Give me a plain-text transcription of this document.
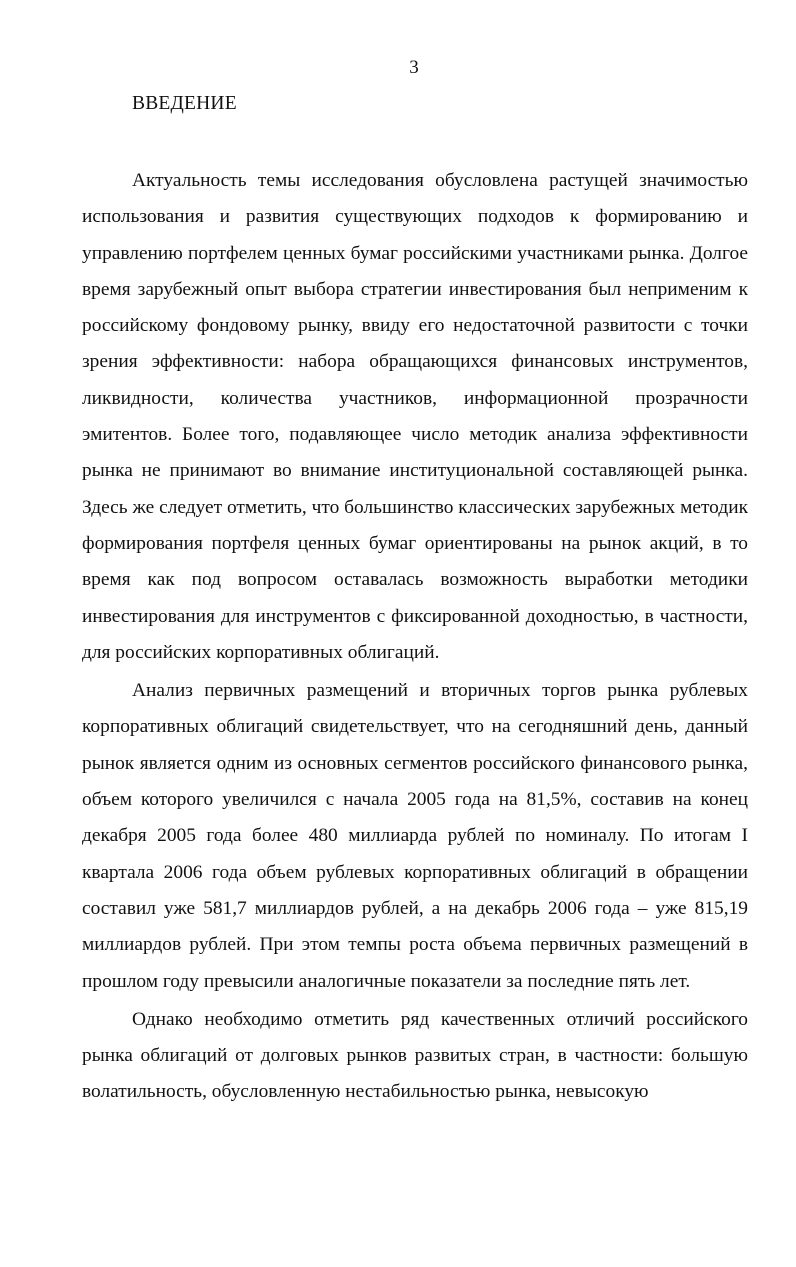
3
ВВЕДЕНИЕ

Актуальность темы исследования обусловлена растущей значимостью использования и развития существующих подходов к формированию и управлению портфелем ценных бумаг российскими участниками рынка. Долгое время зарубежный опыт выбора стратегии инвестирования был неприменим к российскому фондовому рынку, ввиду его недостаточной развитости с точки зрения эффективности: набора обращающихся финансовых инструментов, ликвидности, количества участников, информационной прозрачности эмитентов. Более того, подавляющее число методик анализа эффективности рынка не принимают во внимание институциональной составляющей рынка. Здесь же следует отметить, что большинство классических зарубежных методик формирования портфеля ценных бумаг ориентированы на рынок акций, в то время как под вопросом оставалась возможность выработки методики инвестирования для инструментов с фиксированной доходностью, в частности, для российских корпоративных облигаций.

Анализ первичных размещений и вторичных торгов рынка рублевых корпоративных облигаций свидетельствует, что на сегодняшний день, данный рынок является одним из основных сегментов российского финансового рынка, объем которого увеличился с начала 2005 года на 81,5%, составив на конец декабря 2005 года более 480 миллиарда рублей по номиналу. По итогам I квартала 2006 года объем рублевых корпоративных облигаций в обращении составил уже 581,7 миллиардов рублей, а на декабрь 2006 года – уже 815,19 миллиардов рублей. При этом темпы роста объема первичных размещений в прошлом году превысили аналогичные показатели за последние пять лет.

Однако необходимо отметить ряд качественных отличий российского рынка облигаций от долговых рынков развитых стран, в частности: большую волатильность, обусловленную нестабильностью рынка, невысокую
